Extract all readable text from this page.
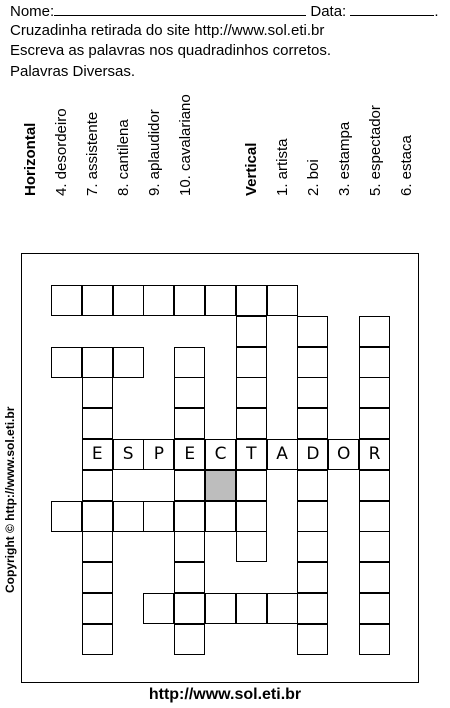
Nome:	Data:	.
Cruzadinha retirada do site http://www.sol.eti.br
Escreva as palavras nos quadradinhos corretos.
Palavras Diversas.
Horizontal 4. desordeiro 7. assistente 8. cantilena 9. aplaudidor 10. cavalariano	Vertical 1. artista 2. boi 3. estampa 5. espectador 6. estaca
T	D	R
E	E
S	P	C	A	O
Copyright © http://www.sol.eti.br
http://www.sol.eti.br
